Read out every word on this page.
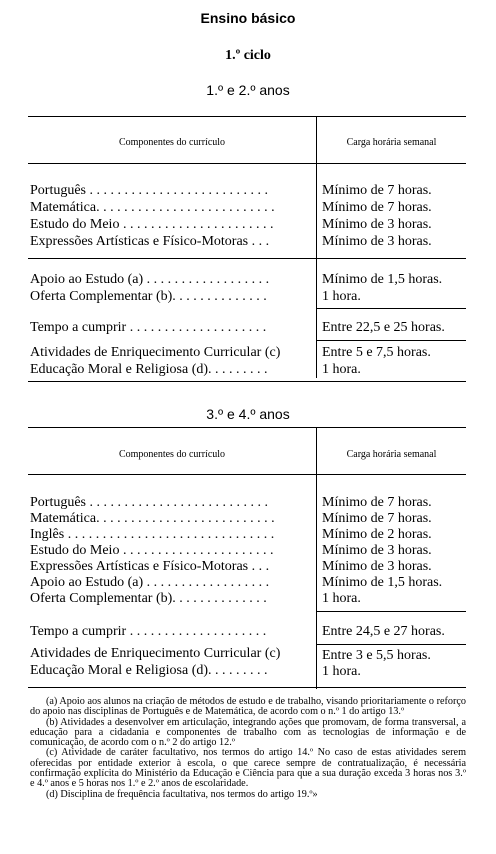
Ensino básico
1.º ciclo
1.º e 2.º anos
Componentes do currículo	Carga horária semanal
Português . . . . . . . . . . . . . . . . . . . . . . . . . .	Mínimo de 7 horas.
Matemática. . . . . . . . . . . . . . . . . . . . . . . . . .	Mínimo de 7 horas.
Estudo do Meio . . . . . . . . . . . . . . . . . . . . . .	Mínimo de 3 horas.
Expressões Artísticas e Físico-Motoras . . .	Mínimo de 3 horas.
Apoio ao Estudo (a) . . . . . . . . . . . . . . . . . .	Mínimo de 1,5 horas.
Oferta Complementar (b). . . . . . . . . . . . . .	1 hora.
Tempo a cumprir . . . . . . . . . . . . . . . . . . . .	Entre 22,5 e 25 horas.
Atividades de Enriquecimento Curricular (c)	Entre 5 e 7,5 horas.
Educação Moral e Religiosa (d). . . . . . . . .	1 hora.
3.º e 4.º anos
Componentes do currículo	Carga horária semanal
Português . . . . . . . . . . . . . . . . . . . . . . . . . .	Mínimo de 7 horas.
Matemática. . . . . . . . . . . . . . . . . . . . . . . . . .	Mínimo de 7 horas.
Inglês . . . . . . . . . . . . . . . . . . . . . . . . . . . . . .	Mínimo de 2 horas.
Estudo do Meio . . . . . . . . . . . . . . . . . . . . . .	Mínimo de 3 horas.
Expressões Artísticas e Físico-Motoras . . .	Mínimo de 3 horas.
Apoio ao Estudo (a) . . . . . . . . . . . . . . . . . .	Mínimo de 1,5 horas.
Oferta Complementar (b). . . . . . . . . . . . . .	1 hora.
Tempo a cumprir . . . . . . . . . . . . . . . . . . . .	Entre 24,5 e 27 horas.
Atividades de Enriquecimento Curricular (c)	Entre 3 e 5,5 horas.
Educação Moral e Religiosa (d). . . . . . . . .	1 hora.

(a) Apoio aos alunos na criação de métodos de estudo e de trabalho, visando prioritariamente o reforço do apoio nas disciplinas de Português e de Matemática, de acordo com o n.º 1 do artigo 13.º

(b) Atividades a desenvolver em articulação, integrando ações que promovam, de forma transversal, a educação para a cidadania e componentes de trabalho com as tecnologias de informação e de comunicação, de acordo com o n.º 2 do artigo 12.º

(c) Atividade de caráter facultativo, nos termos do artigo 14.º No caso de estas atividades serem oferecidas por entidade exterior à escola, o que carece sempre de contratualização, é necessária confirmação explícita do Ministério da Educação e Ciência para que a sua duração exceda 3 horas nos 3.º e 4.º anos e 5 horas nos 1.º e 2.º anos de escolaridade.

(d) Disciplina de frequência facultativa, nos termos do artigo 19.º»
